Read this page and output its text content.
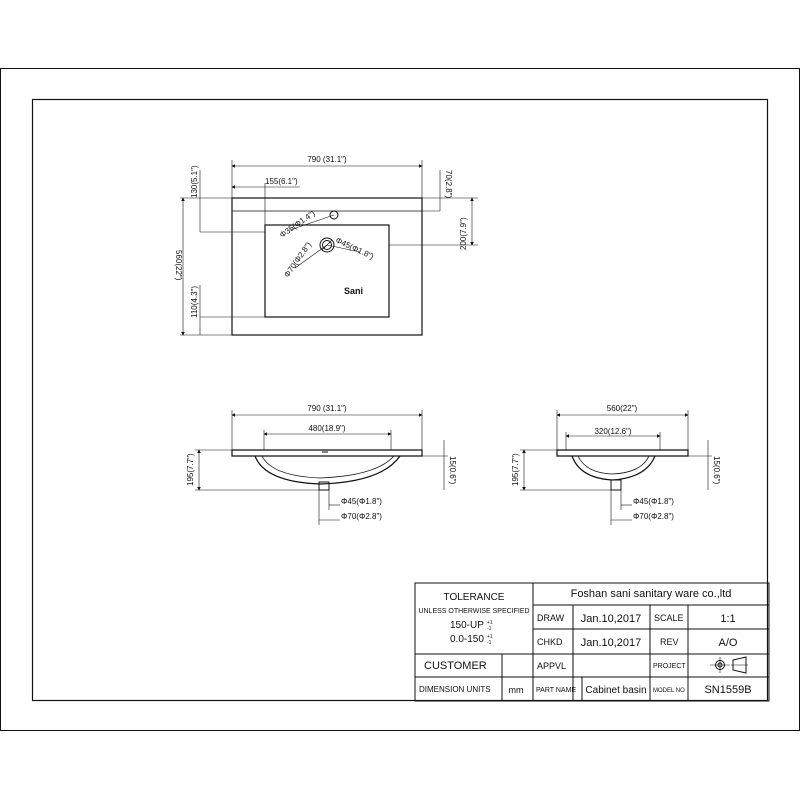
790 (31.1")
155(6.1")
130(5.1")	70(2.8")
Φ35(Φ1.4")
Φ45(Φ1.8")
Φ70(Φ2.8")
560(22")
200(7.9")
110(4.3")	Sani
790 (31.1")
480(18.9")
195(7.7")	15(0.6")
Φ45(Φ1.8")
Φ70(Φ2.8")
560(22")
320(12.6")
195(7.7")	15(0.6")
Φ45(Φ1.8")
Φ70(Φ2.8")
TOLERANCE
UNLESS OTHERWISE SPECIFIED
150-UP +1
-1
0.0-150 +1
-1
Foshan sani sanitary ware co.,ltd
DRAW Jan.10,2017 SCALE	1:1
CHKD Jan.10,2017 REV	A/O
CUSTOMER	APPVL	PROJECT
DIMENSION UNITS mm PART NAME Cabinet basin MODEL NO SN1559B
